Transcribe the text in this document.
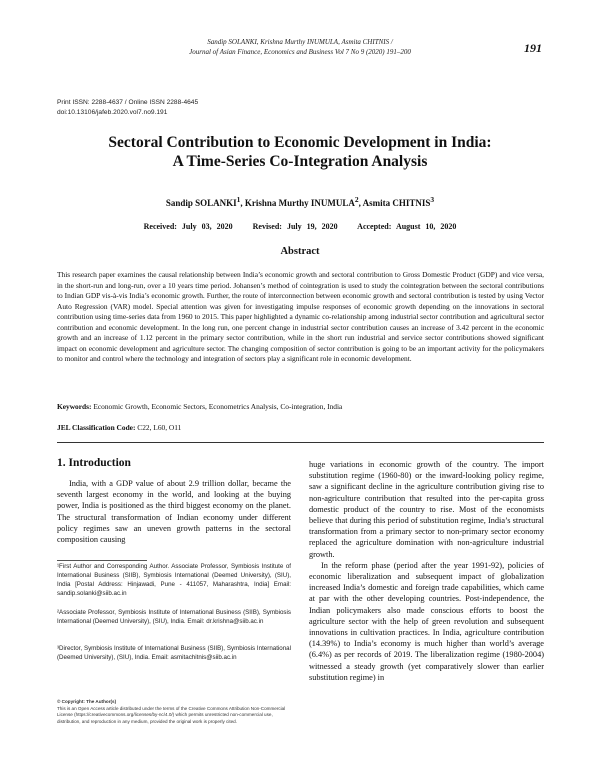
Sandip SOLANKI, Krishna Murthy INUMULA, Asmita CHITNIS /
Journal of Asian Finance, Economics and Business Vol 7 No 9 (2020) 191–200	191
Print ISSN: 2288-4637 / Online ISSN 2288-4645
doi:10.13106/jafeb.2020.vol7.no9.191
Sectoral Contribution to Economic Development in India:
A Time-Series Co-Integration Analysis
Sandip SOLANKI$^1$, Krishna Murthy INUMULA$^2$, Asmita CHITNIS$^3$
Received: July 03, 2020	Revised: July 19, 2020 Accepted: August 10, 2020
Abstract
This research paper examines the causal relationship between India’s economic growth and sectoral contribution to Gross Domestic Product (GDP) and vice versa, in the short-run and long-run, over a 10 years time period. Johansen’s method of cointegration is used to study the cointegration between the sectoral contributions to Indian GDP vis-à-vis India’s economic growth. Further, the route of interconnection between economic growth and sectoral contribution is tested by using Vector Auto Regression (VAR) model. Special attention was given for investigating impulse responses of economic growth depending on the innovations in sectoral contribution using time-series data from 1960 to 2015. This paper highlighted a dynamic co-relationship among industrial sector contribution and agricultural sector contribution and economic development. In the long run, one percent change in industrial sector contribution causes an increase of 3.42 percent in the economic growth and an increase of 1.12 percent in the primary sector contribution, while in the short run industrial and service sector contributions showed significant impact on economic development and agriculture sector. The changing composition of sector contribution is going to be an important activity for the policymakers to monitor and control where the technology and integration of sectors play a significant role in economic development.
Keywords: Economic Growth, Economic Sectors, Econometrics Analysis, Co-integration, India
JEL Classification Code: C22, L60, O11
1. Introduction
India, with a GDP value of about 2.9 trillion dollar, became the seventh largest economy in the world, and looking at the buying power, India is positioned as the third biggest economy on the planet. The structural transformation of Indian economy under different policy regimes saw an uneven growth patterns in the sectoral composition causing
¹First Author and Corresponding Author. Associate Professor, Symbiosis Institute of International Business (SIIB), Symbiosis International (Deemed University), (SIU), India [Postal Address: Hinjawadi, Pune - 411057, Maharashtra, India] Email: sandip.solanki@siib.ac.in
²Associate Professor, Symbiosis Institute of International Business (SIIB), Symbiosis International (Deemed University), (SIU), India. Email: dr.krishna@siib.ac.in
³Director, Symbiosis Institute of International Business (SIIB), Symbiosis International (Deemed University), (SIU), India. Email: asmitachitnis@siib.ac.in
© Copyright: The Author(s)
This is an Open Access article distributed under the terms of the Creative Commons Attribution Non-Commercial License (https://creativecommons.org/licenses/by-nc/4.0/) which permits unrestricted non-commercial use, distribution, and reproduction in any medium, provided the original work is properly cited.

huge variations in economic growth of the country. The import substitution regime (1960-80) or the inward-looking policy regime, saw a significant decline in the agriculture contribution giving rise to non-agriculture contribution that resulted into the per-capita gross domestic product of the country to rise. Most of the economists believe that during this period of substitution regime, India’s structural transformation from a primary sector to non-primary sector economy replaced the agriculture domination with non-agriculture industrial growth.

In the reform phase (period after the year 1991-92), policies of economic liberalization and subsequent impact of globalization increased India’s domestic and foreign trade capabilities, which came at par with the other developing countries. Post-independence, the Indian policymakers also made conscious efforts to boost the agriculture sector with the help of green revolution and subsequent innovations in cultivation practices. In India, agriculture contribution (14.39%) to India’s economy is much higher than world’s average (6.4%) as per records of 2019. The liberalization regime (1980-2004) witnessed a steady growth (yet comparatively slower than earlier substitution regime) in
